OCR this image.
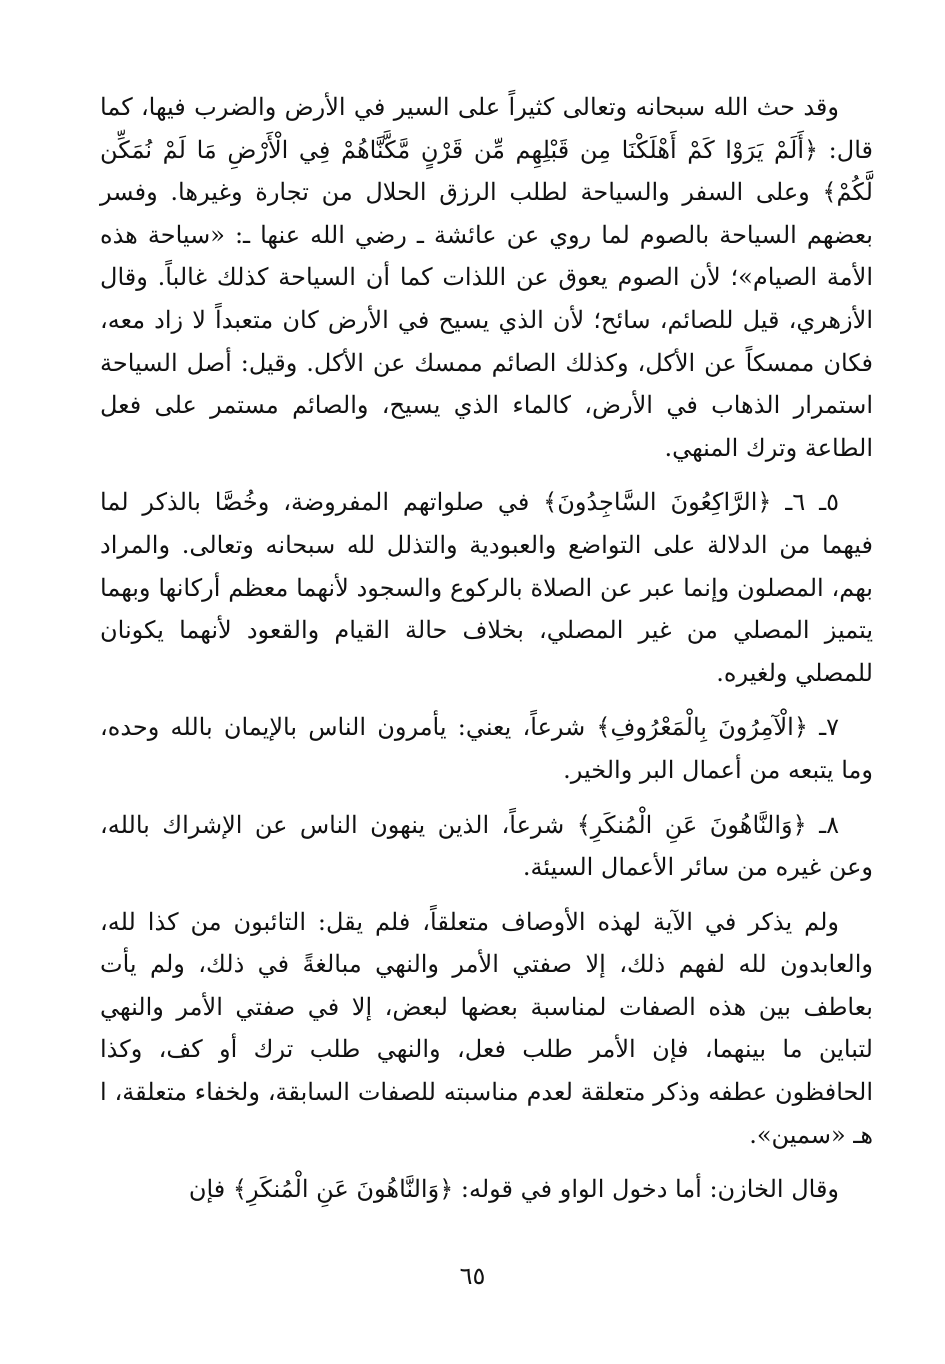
وقد حث الله سبحانه وتعالى كثيراً على السير في الأرض والضرب فيها، كما قال: ﴿أَلَمْ يَرَوْا كَمْ أَهْلَكْنَا مِن قَبْلِهِم مِّن قَرْنٍ مَّكَّنَّاهُمْ فِي الْأَرْضِ مَا لَمْ نُمَكِّن لَّكُمْ﴾ وعلى السفر والسياحة لطلب الرزق الحلال من تجارة وغيرها. وفسر بعضهم السياحة بالصوم لما روي عن عائشة ـ رضي الله عنها ـ: «سياحة هذه الأمة الصيام»؛ لأن الصوم يعوق عن اللذات كما أن السياحة كذلك غالباً. وقال الأزهري، قيل للصائم، سائح؛ لأن الذي يسيح في الأرض كان متعبداً لا زاد معه، فكان ممسكاً عن الأكل، وكذلك الصائم ممسك عن الأكل. وقيل: أصل السياحة استمرار الذهاب في الأرض، كالماء الذي يسيح، والصائم مستمر على فعل الطاعة وترك المنهي.

٥ـ ٦ـ ﴿الرَّاكِعُونَ السَّاجِدُونَ﴾ في صلواتهم المفروضة، وخُصَّا بالذكر لما فيهما من الدلالة على التواضع والعبودية والتذلل لله سبحانه وتعالى. والمراد بهم، المصلون وإنما عبر عن الصلاة بالركوع والسجود لأنهما معظم أركانها وبهما يتميز المصلي من غير المصلي، بخلاف حالة القيام والقعود لأنهما يكونان للمصلي ولغيره.

٧ـ ﴿الْآمِرُونَ بِالْمَعْرُوفِ﴾ شرعاً، يعني: يأمرون الناس بالإيمان بالله وحده، وما يتبعه من أعمال البر والخير.

٨ـ ﴿وَالنَّاهُونَ عَنِ الْمُنكَرِ﴾ شرعاً، الذين ينهون الناس عن الإشراك بالله، وعن غيره من سائر الأعمال السيئة.

ولم يذكر في الآية لهذه الأوصاف متعلقاً، فلم يقل: التائبون من كذا لله، والعابدون لله لفهم ذلك، إلا صفتي الأمر والنهي مبالغةً في ذلك، ولم يأت بعاطف بين هذه الصفات لمناسبة بعضها لبعض، إلا في صفتي الأمر والنهي لتباين ما بينهما، فإن الأمر طلب فعل، والنهي طلب ترك أو كف، وكذا الحافظون عطفه وذكر متعلقة لعدم مناسبته للصفات السابقة، ولخفاء متعلقة، ا هـ «سمين».

وقال الخازن: أما دخول الواو في قوله: ﴿وَالنَّاهُونَ عَنِ الْمُنكَرِ﴾ فإن

٦٥
